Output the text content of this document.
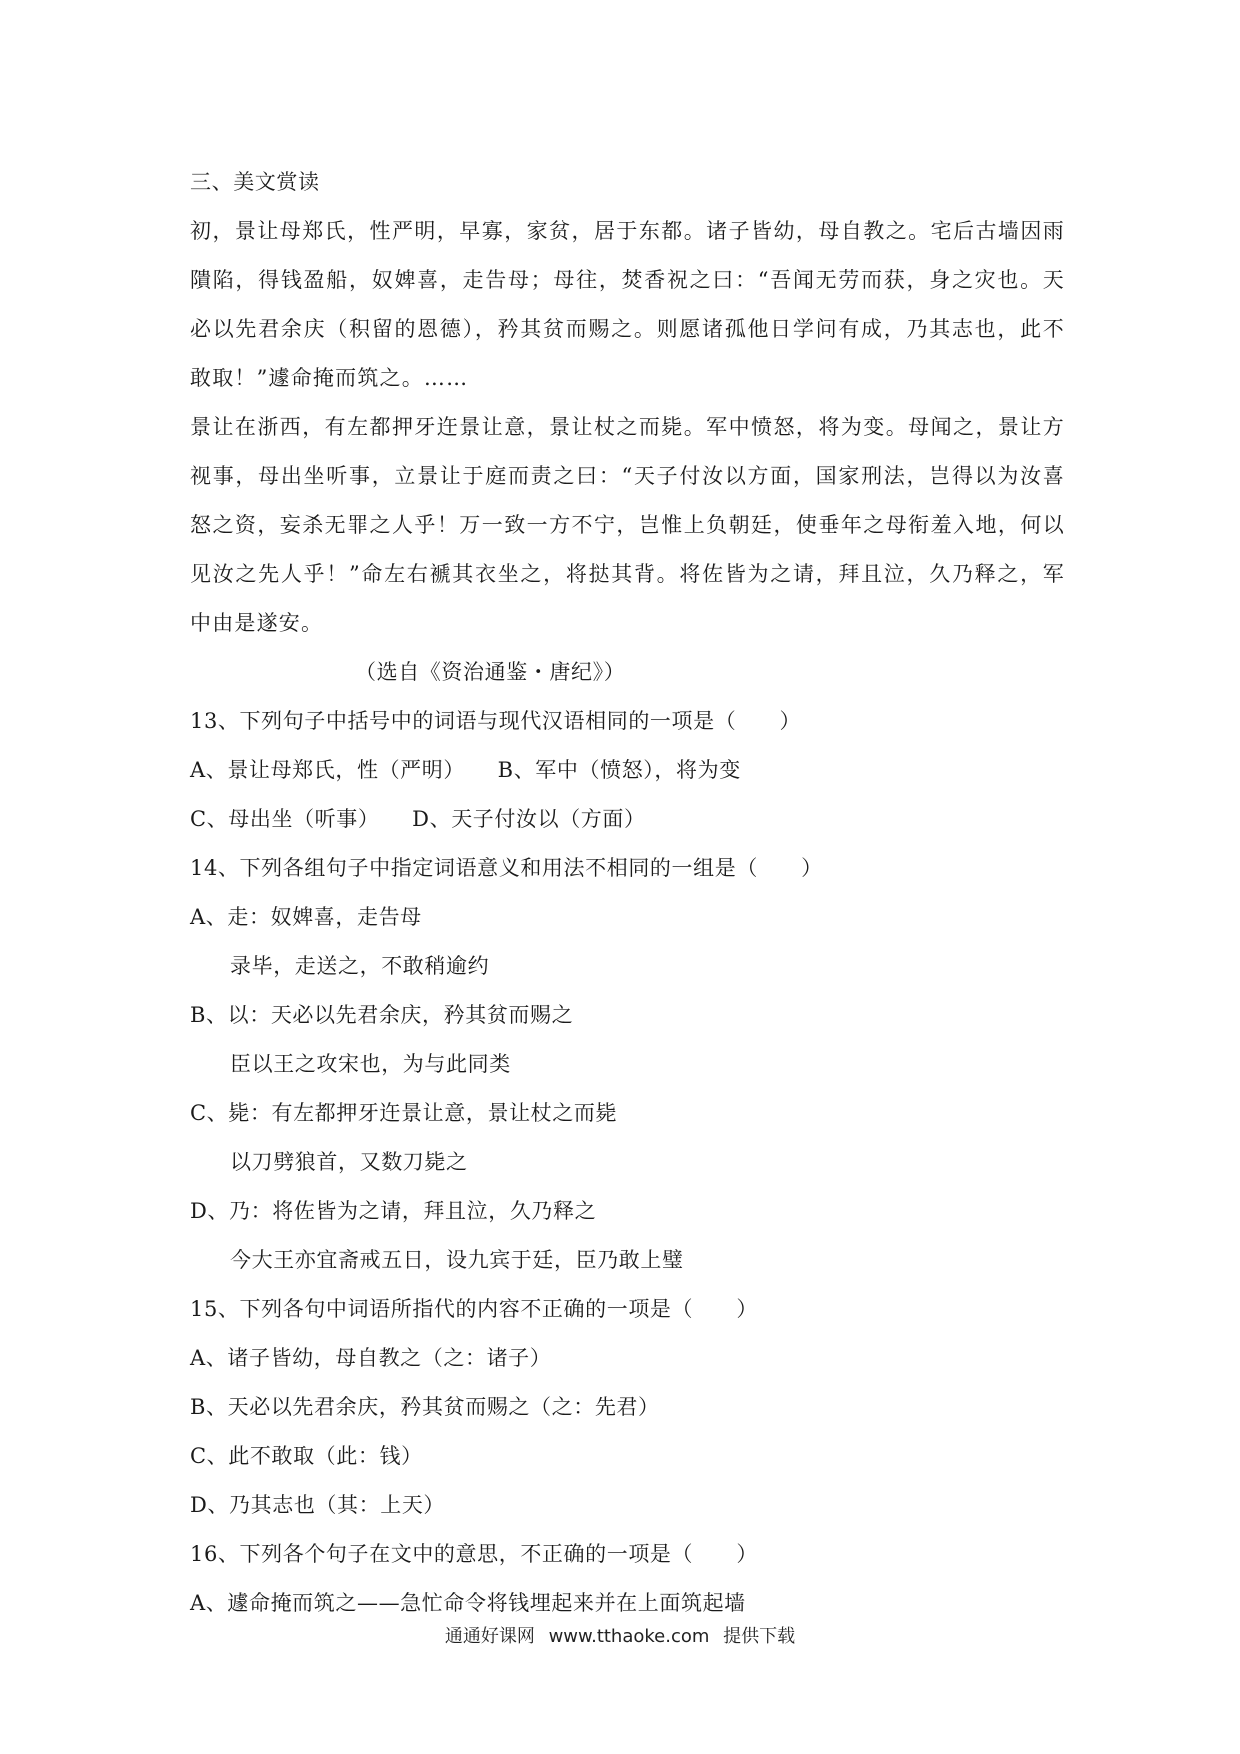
三、美文赏读
初，景让母郑氏，性严明，早寡，家贫，居于东都。诸子皆幼，母自教之。宅后古墙因雨隤陷，得钱盈船，奴婢喜，走告母；母往，焚香祝之曰：“吾闻无劳而获，身之灾也。天必以先君余庆（积留的恩德），矜其贫而赐之。则愿诸孤他日学问有成，乃其志也，此不敢取！”遽命掩而筑之。……
景让在浙西，有左都押牙迕景让意，景让杖之而毙。军中愤怒，将为变。母闻之，景让方视事，母出坐听事，立景让于庭而责之曰：“天子付汝以方面，国家刑法，岂得以为汝喜怒之资，妄杀无罪之人乎！万一致一方不宁，岂惟上负朝廷，使垂年之母衔羞入地，何以见汝之先人乎！”命左右褫其衣坐之，将挞其背。将佐皆为之请，拜且泣，久乃释之，军中由是遂安。
（选自《资治通鉴・唐纪》）
13、下列句子中括号中的词语与现代汉语相同的一项是（　　）
A、景让母郑氏，性（严明）　　B、军中（愤怒），将为变
C、母出坐（听事）　　D、天子付汝以（方面）
14、下列各组句子中指定词语意义和用法不相同的一组是（　　）
A、走：奴婢喜，走告母
录毕，走送之，不敢稍逾约
B、以：天必以先君余庆，矜其贫而赐之
臣以王之攻宋也，为与此同类
C、毙：有左都押牙迕景让意，景让杖之而毙
以刀劈狼首，又数刀毙之
D、乃：将佐皆为之请，拜且泣，久乃释之
今大王亦宜斋戒五日，设九宾于廷，臣乃敢上璧
15、下列各句中词语所指代的内容不正确的一项是（　　）
A、诸子皆幼，母自教之（之：诸子）
B、天必以先君余庆，矜其贫而赐之（之：先君）
C、此不敢取（此：钱）
D、乃其志也（其：上天）
16、下列各个句子在文中的意思，不正确的一项是（　　）
A、遽命掩而筑之——急忙命令将钱埋起来并在上面筑起墙
通通好课网 www.tthaoke.com 提供下载
